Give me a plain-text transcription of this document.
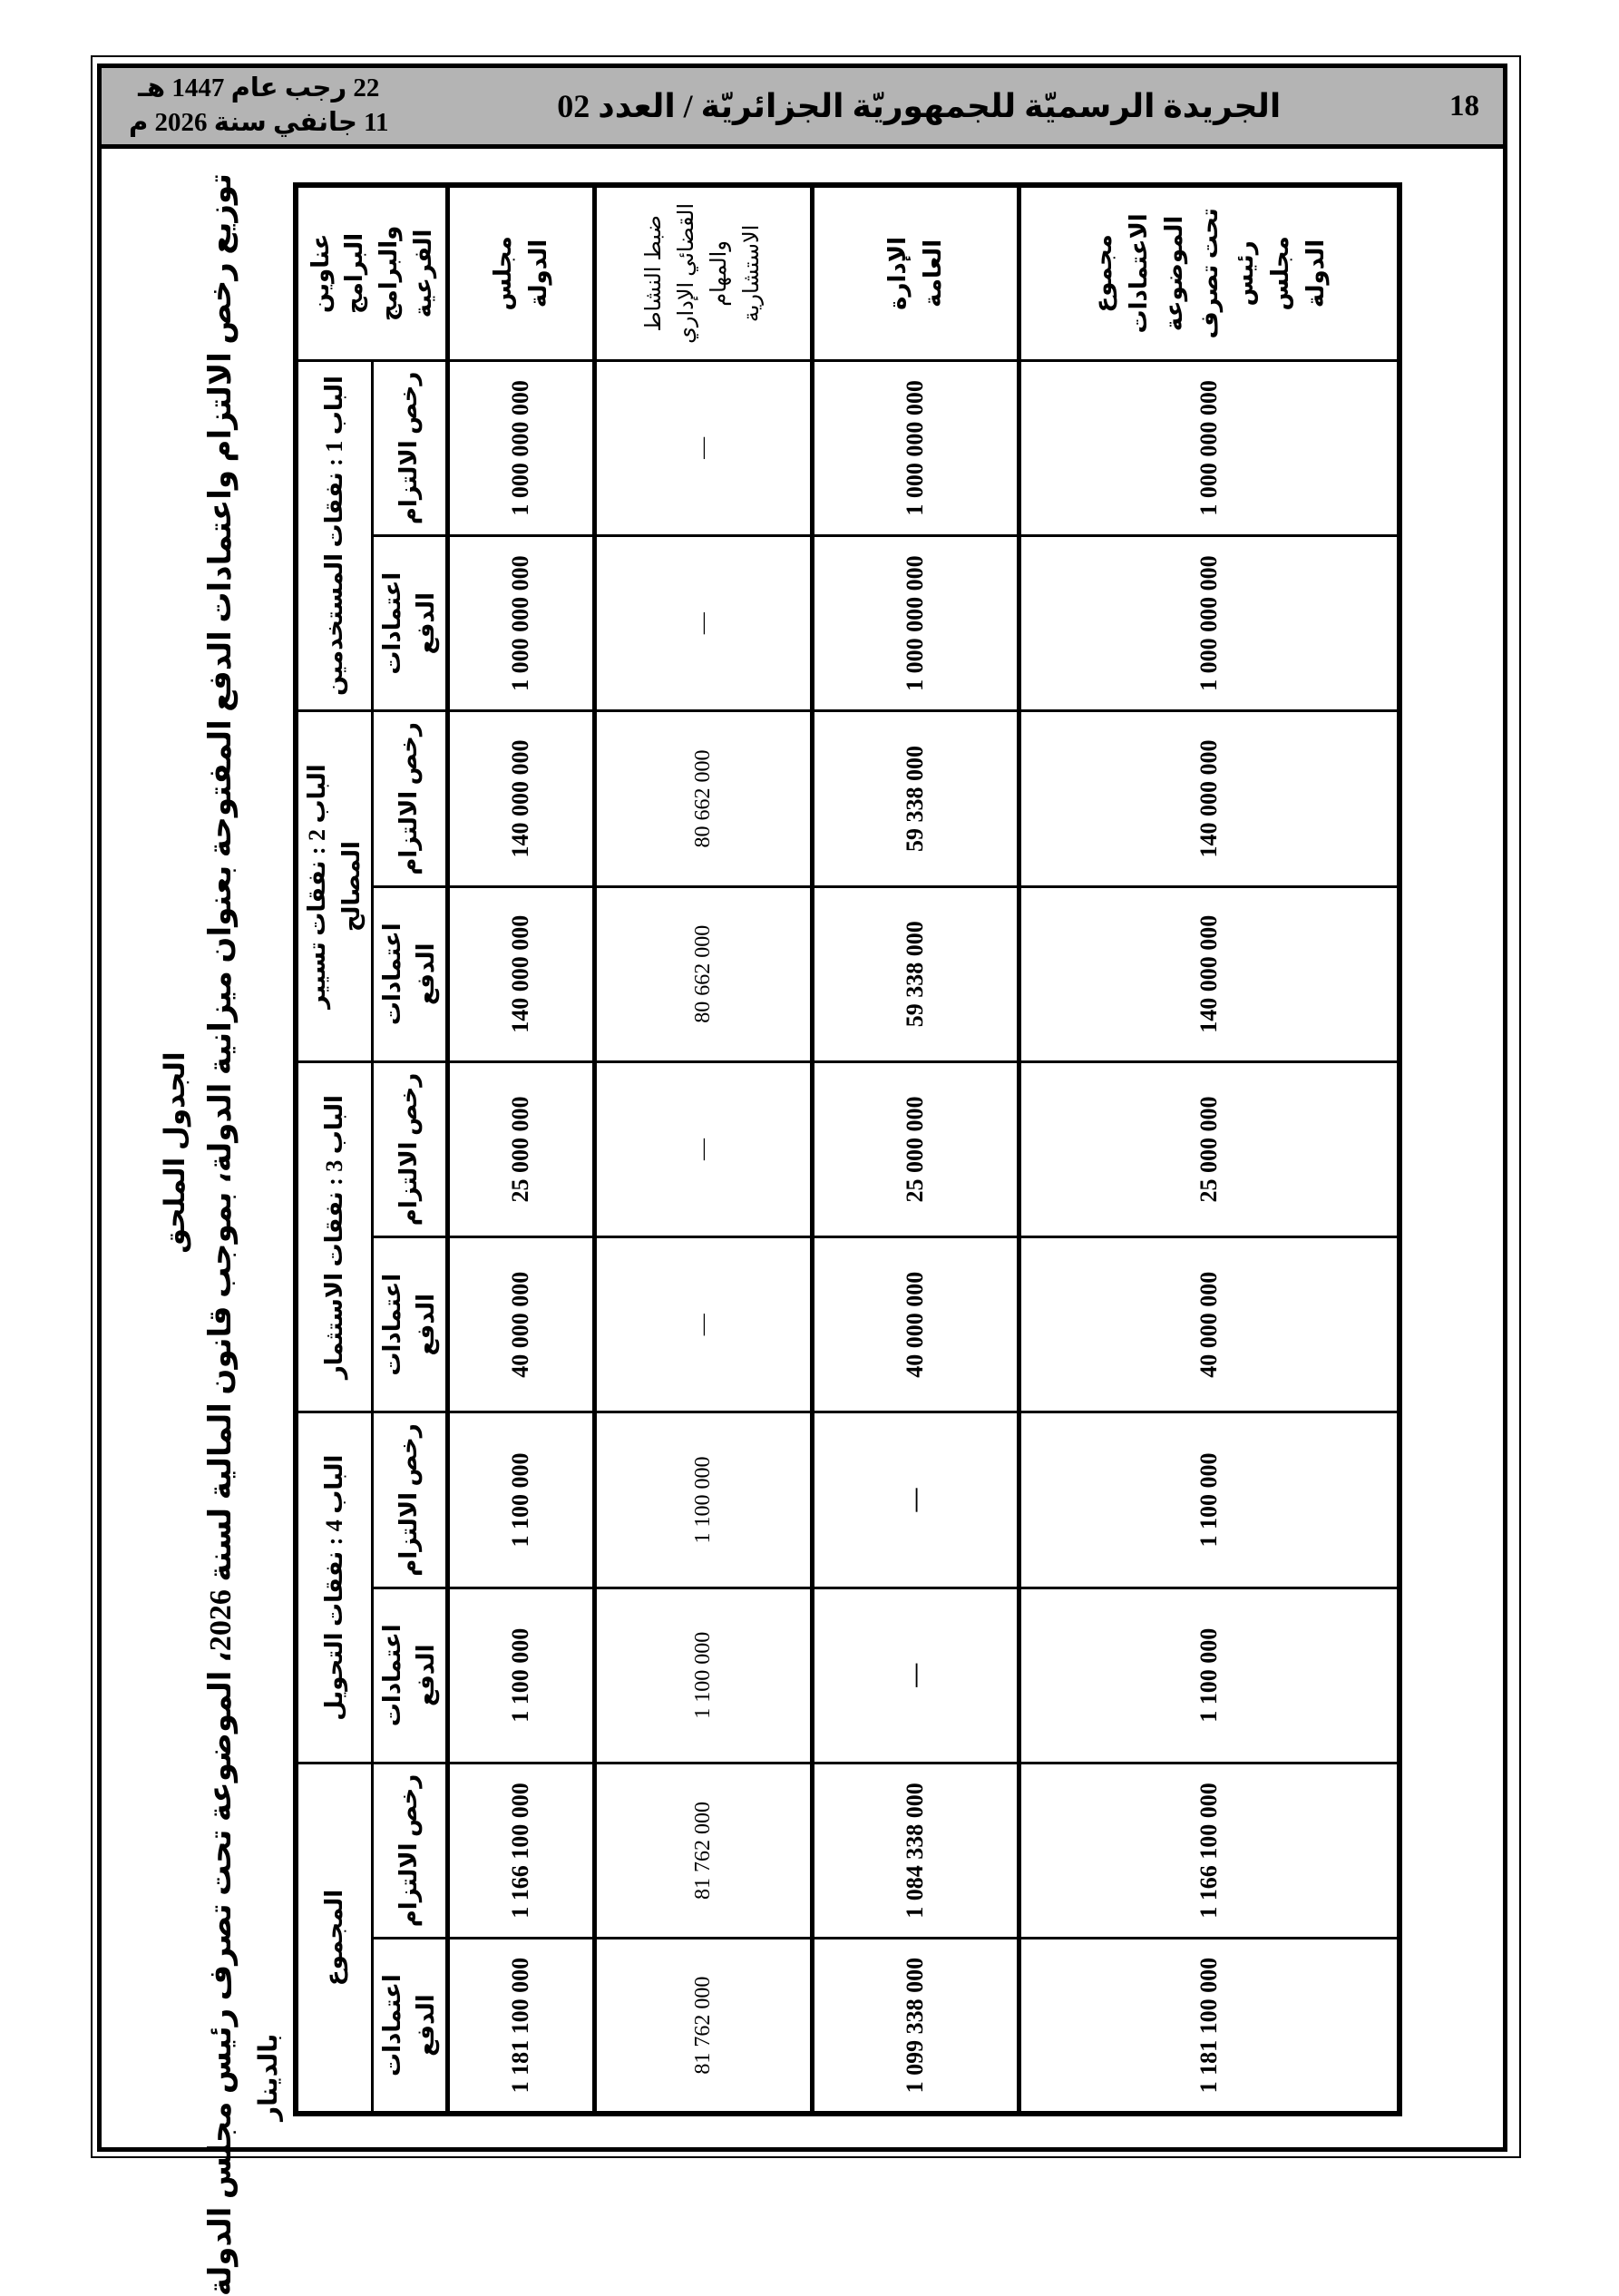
18
الجريدة الرسميّة للجمهوريّة الجزائريّة / العدد 02
22 رجب عام 1447 هـ
11 جانفي سنة 2026 م
الجدول الملحق
توزيع رخص الالتزام واعتمادات الدفع المفتوحة بعنوان ميزانية الدولة، بموجب قانون المالية لسنة 2026، الموضوعة تحت تصرف رئيس مجلس الدولة
بالدينار
عناوين البرامج والبرامج الفرعية	الباب 1 : نفقات المستخدمين		الباب 2 : نفقات تسيير المصالح		الباب 3 : نفقات الاستثمار		الباب 4 : نفقات التحويل		المجموع	
	رخص الالتزام	اعتمادات الدفع	رخص الالتزام	اعتمادات الدفع	رخص الالتزام	اعتمادات الدفع	رخص الالتزام	اعتمادات الدفع	رخص الالتزام	اعتمادات الدفع
مجلس الدولة	1 000 000 000	1 000 000 000	140 000 000	140 000 000	25 000 000	40 000 000	1 100 000	1 100 000	1 166 100 000	1 181 100 000
ضبط النشاط القضائي الإداري والمهام الاستشارية	—	—	80 662 000	80 662 000	—	—	1 100 000	1 100 000	81 762 000	81 762 000
الإدارة العامة	1 000 000 000	1 000 000 000	59 338 000	59 338 000	25 000 000	40 000 000	—	—	1 084 338 000	1 099 338 000
مجموع الاعتمادات الموضوعة تحت تصرف رئيس مجلس الدولة	1 000 000 000	1 000 000 000	140 000 000	140 000 000	25 000 000	40 000 000	1 100 000	1 100 000	1 166 100 000	1 181 100 000
